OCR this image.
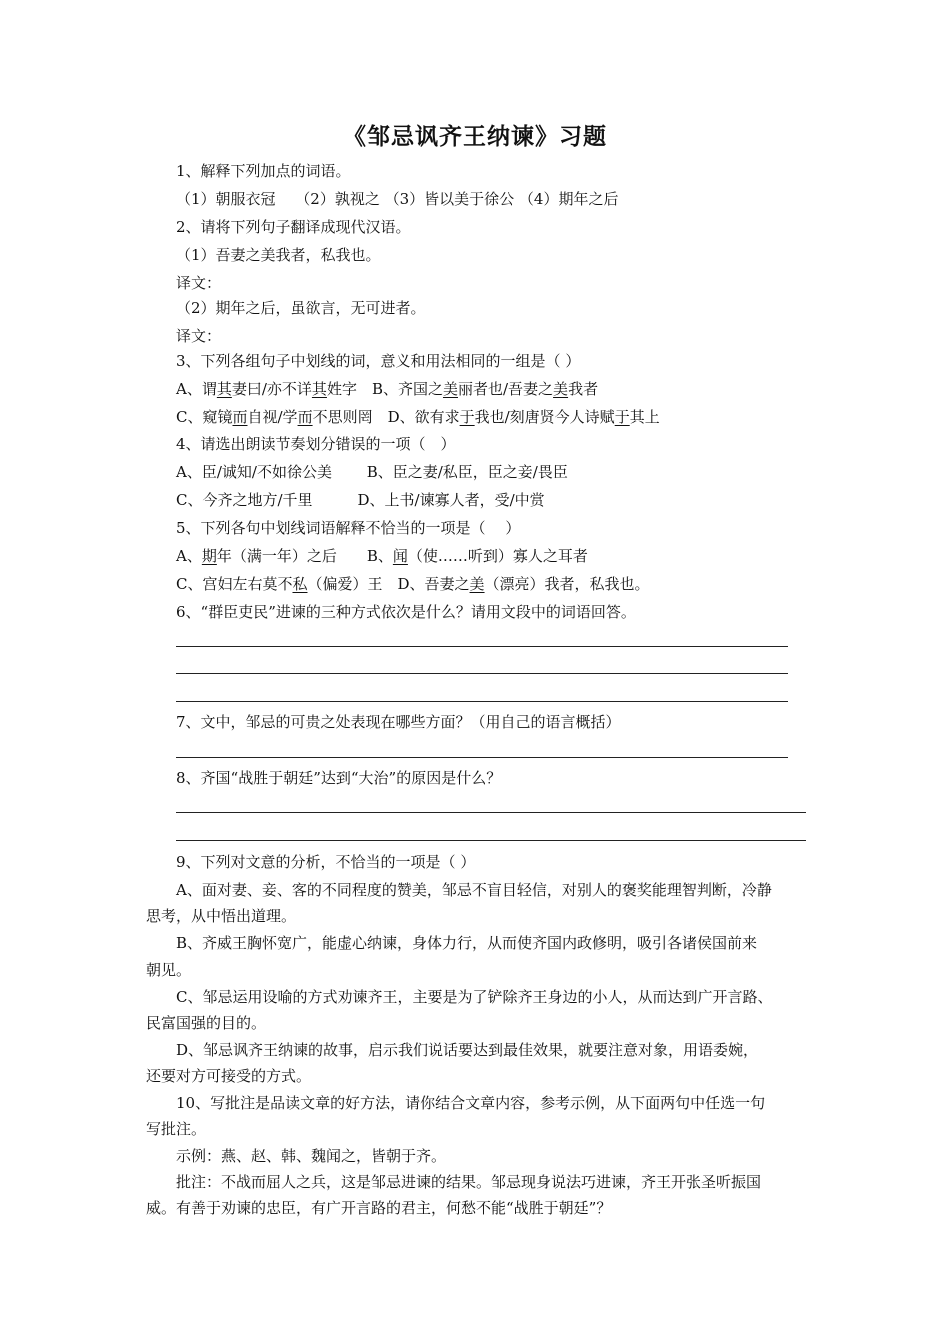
《邹忌讽齐王纳谏》习题
1、解释下列加点的词语。
（1）朝服衣冠　 （2）孰视之 （3）皆以美于徐公 （4）期年之后
2、请将下列句子翻译成现代汉语。
（1）吾妻之美我者，私我也。
译文：
（2）期年之后，虽欲言，无可进者。
译文：
3、下列各组句子中划线的词，意义和用法相同的一组是（ ）
A、谓其妻曰/亦不详其姓字　B、齐国之美丽者也/吾妻之美我者
C、窥镜而自视/学而不思则罔　D、欲有求于我也/刻唐贤今人诗赋于其上
4、请选出朗读节奏划分错误的一项（　）
A、臣/诚知/不如徐公美　　 B、臣之妻/私臣，臣之妾/畏臣
C、今齐之地方/千里　　　D、上书/谏寡人者，受/中赏
5、下列各句中划线词语解释不恰当的一项是（　 ）
A、期年（满一年）之后　　B、闻（使……听到）寡人之耳者
C、宫妇左右莫不私（偏爱）王　D、吾妻之美（漂亮）我者，私我也。
6、“群臣吏民”进谏的三种方式依次是什么？请用文段中的词语回答。
7、文中，邹忌的可贵之处表现在哪些方面？（用自己的语言概括）
8、齐国“战胜于朝廷”达到“大治”的原因是什么？
9、下列对文意的分析，不恰当的一项是（ ）
A、面对妻、妾、客的不同程度的赞美，邹忌不盲目轻信，对别人的褒奖能理智判断，冷静
思考，从中悟出道理。
B、齐威王胸怀宽广，能虚心纳谏，身体力行，从而使齐国内政修明，吸引各诸侯国前来
朝见。
C、邹忌运用设喻的方式劝谏齐王，主要是为了铲除齐王身边的小人，从而达到广开言路、
民富国强的目的。
D、邹忌讽齐王纳谏的故事，启示我们说话要达到最佳效果，就要注意对象，用语委婉，
还要对方可接受的方式。
10、写批注是品读文章的好方法，请你结合文章内容，参考示例，从下面两句中任选一句
写批注。
示例：燕、赵、韩、魏闻之，皆朝于齐。
批注：不战而屈人之兵，这是邹忌进谏的结果。邹忌现身说法巧进谏，齐王开张圣听振国
威。有善于劝谏的忠臣，有广开言路的君主，何愁不能“战胜于朝廷”？
